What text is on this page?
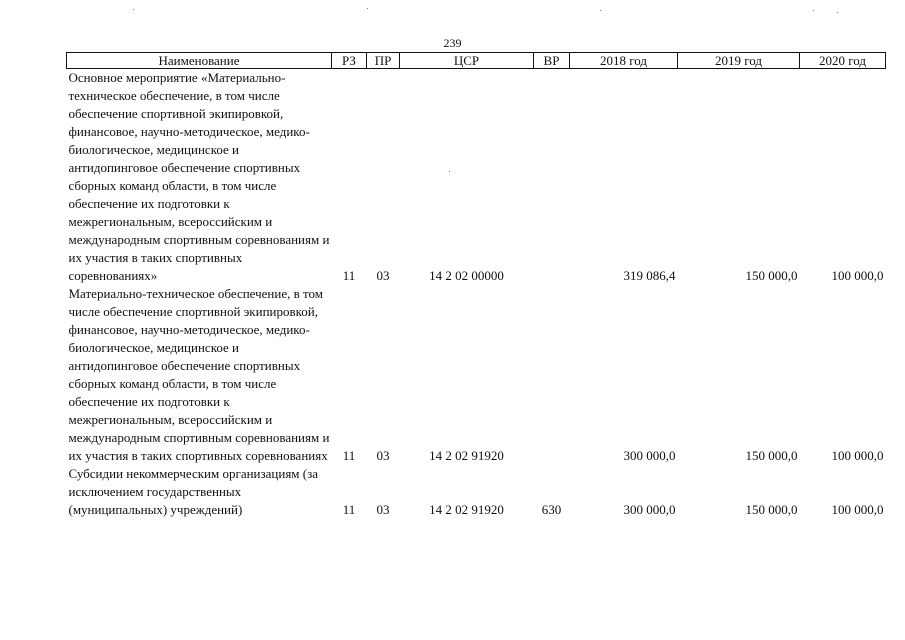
239
Наименование	РЗ	ПР	ЦСР	ВР	2018 год	2019 год	2020 год
Основное мероприятие «Материально-техническое обеспечение, в том числе обеспечение спортивной экипировкой, финансовое, научно-методическое, медико-биологическое, медицинское и антидопинговое обеспечение спортивных сборных команд области, в том числе обеспечение их подготовки к межрегиональным, всероссийским и международным спортивным соревнованиям и их участия в таких спортивных соревнованиях»	11	03	14 2 02 00000		319 086,4	150 000,0	100 000,0
Материально-техническое обеспечение, в том числе обеспечение спортивной экипировкой, финансовое, научно-методическое, медико-биологическое, медицинское и антидопинговое обеспечение спортивных сборных команд области, в том числе обеспечение их подготовки к межрегиональным, всероссийским и международным спортивным соревнованиям и их участия в таких спортивных соревнованиях	11	03	14 2 02 91920		300 000,0	150 000,0	100 000,0
Субсидии некоммерческим организациям (за исключением государственных (муниципальных) учреждений)	11	03	14 2 02 91920	630	300 000,0	150 000,0	100 000,0
